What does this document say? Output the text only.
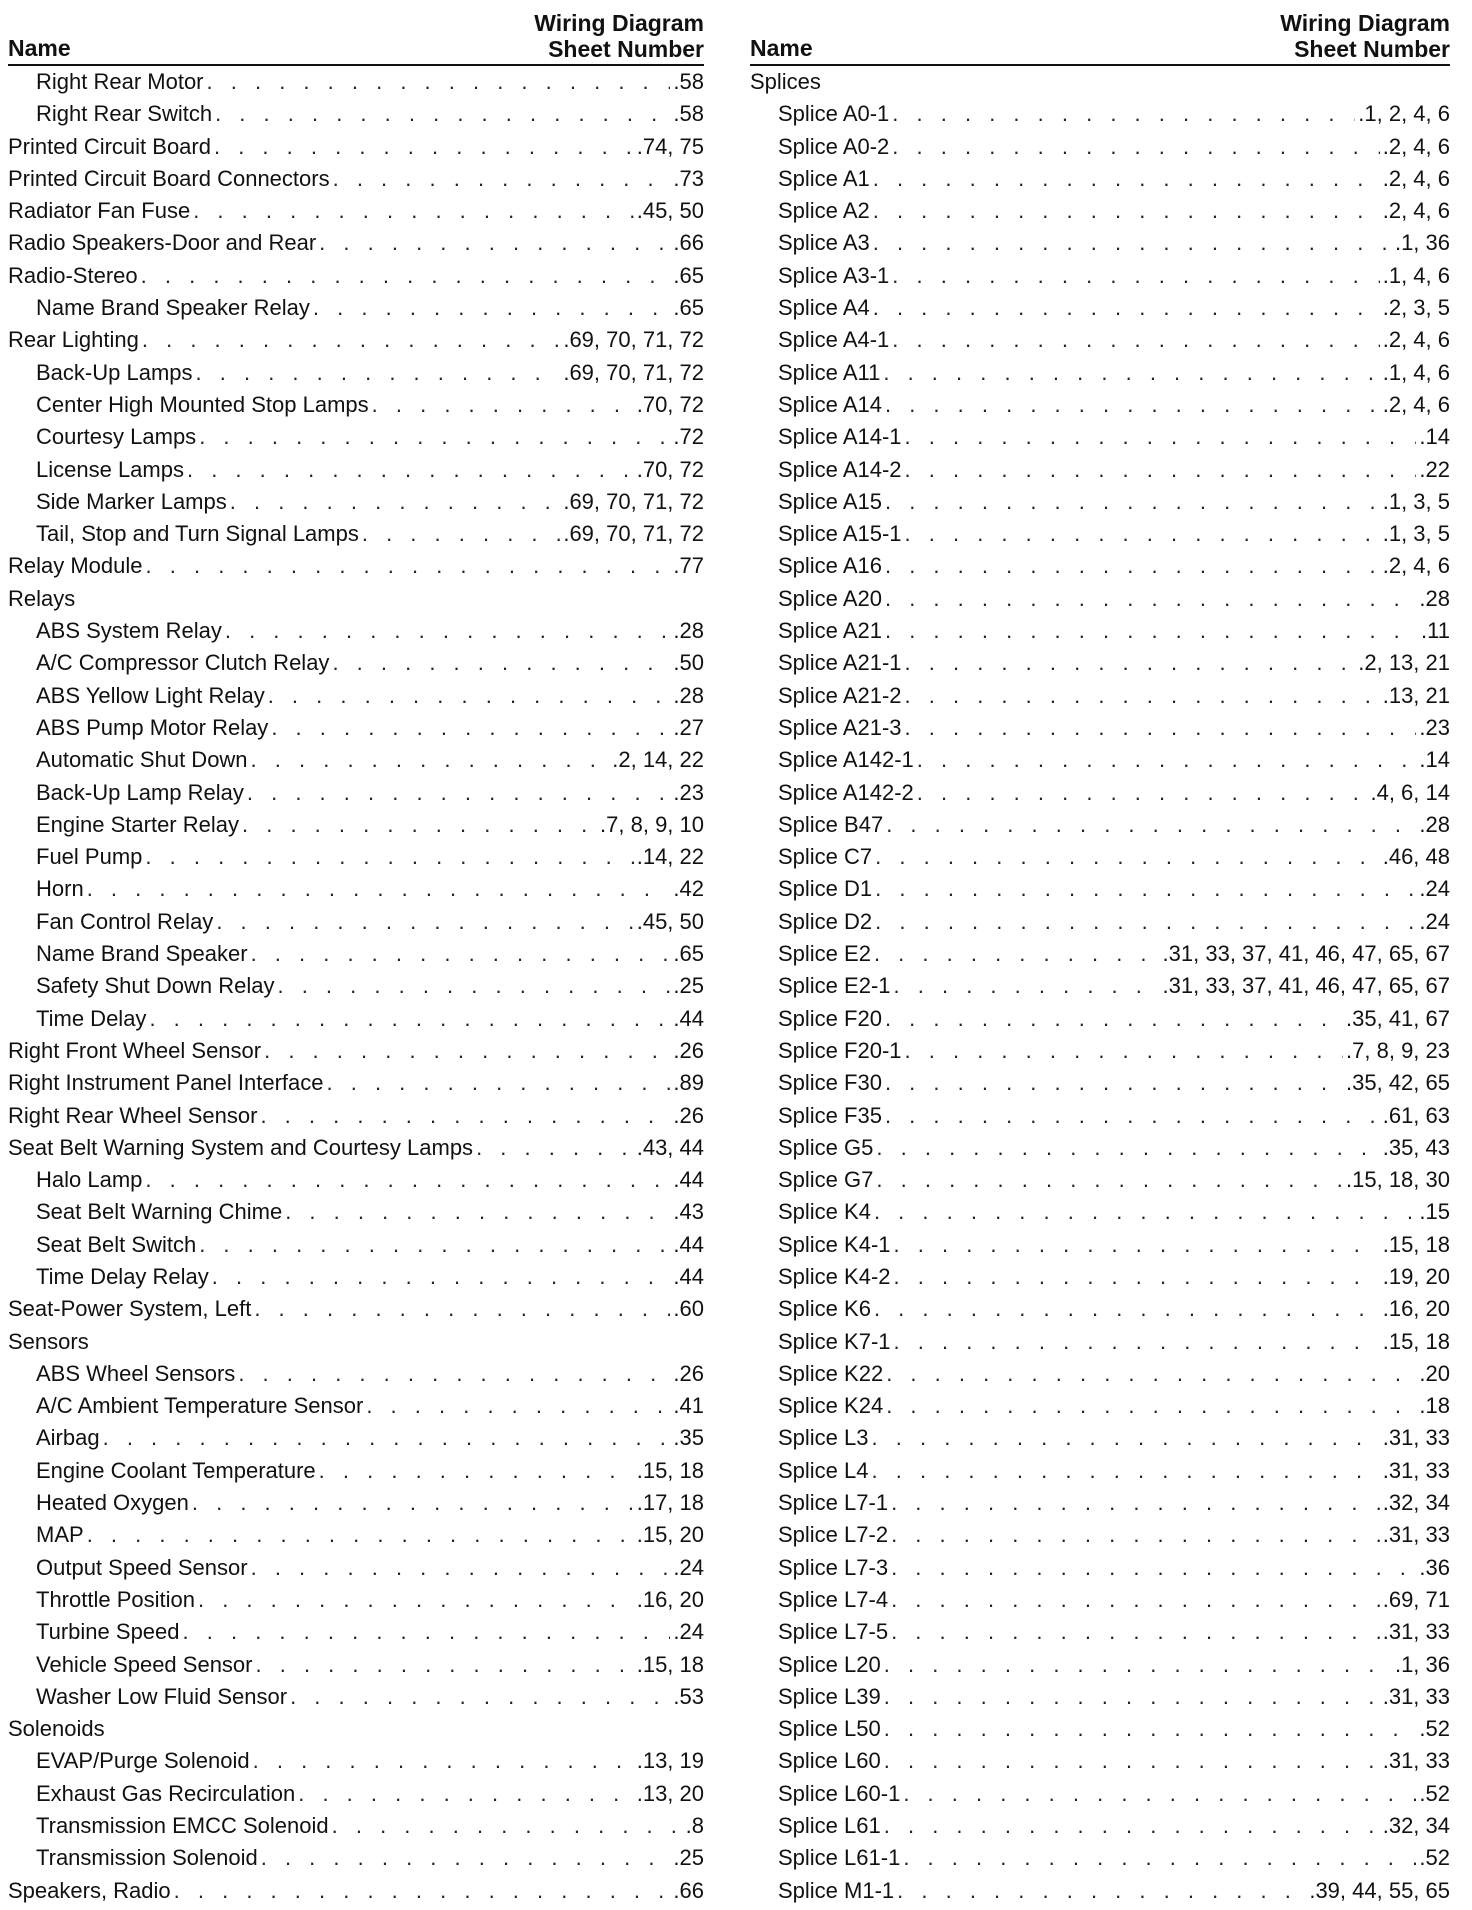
Name
Wiring Diagram
Sheet Number
Right Rear Motor . . .	.58
Right Rear Switch . . .	.58
Printed Circuit Board . . .	.74, 75
Printed Circuit Board Connectors . . .	.73
Radiator Fan Fuse . . .	.45, 50
Radio Speakers-Door and Rear . . .	.66
Radio-Stereo . . .	.65
Name Brand Speaker Relay . . .	.65
Rear Lighting . . .	.69, 70, 71, 72
Back-Up Lamps . . .	.69, 70, 71, 72
Center High Mounted Stop Lamps . . .	.70, 72
Courtesy Lamps . . .	.72
License Lamps . . .	.70, 72
Side Marker Lamps . . .	.69, 70, 71, 72
Tail, Stop and Turn Signal Lamps . . .	.69, 70, 71, 72
Relay Module . . .	.77
Relays
ABS System Relay . . .	.28
A/C Compressor Clutch Relay . . .	.50
ABS Yellow Light Relay . . .	.28
ABS Pump Motor Relay . . .	.27
Automatic Shut Down . . .	.2, 14, 22
Back-Up Lamp Relay . . .	.23
Engine Starter Relay . . .	.7, 8, 9, 10
Fuel Pump . . .	.14, 22
Horn . . .	.42
Fan Control Relay . . .	.45, 50
Name Brand Speaker . . .	.65
Safety Shut Down Relay . . .	.25
Time Delay . . .	.44
Right Front Wheel Sensor . . .	.26
Right Instrument Panel Interface . . .	.89
Right Rear Wheel Sensor . . .	.26
Seat Belt Warning System and Courtesy Lamps . . .	.43, 44
Halo Lamp . . .	.44
Seat Belt Warning Chime . . .	.43
Seat Belt Switch . . .	.44
Time Delay Relay . . .	.44
Seat-Power System, Left . . .	.60
Sensors
ABS Wheel Sensors . . .	.26
A/C Ambient Temperature Sensor . . .	.41
Airbag . . .	.35
Engine Coolant Temperature . . .	.15, 18
Heated Oxygen . . .	.17, 18
MAP . . .	.15, 20
Output Speed Sensor . . .	.24
Throttle Position . . .	.16, 20
Turbine Speed . . .	.24
Vehicle Speed Sensor . . .	.15, 18
Washer Low Fluid Sensor . . .	.53
Solenoids
EVAP/Purge Solenoid . . .	.13, 19
Exhaust Gas Recirculation . . .	.13, 20
Transmission EMCC Solenoid . . .	.8
Transmission Solenoid . . .	.25
Speakers, Radio . . .	.66
Name
Wiring Diagram
Sheet Number
Splices
Splice A0-1 . . .	.1, 2, 4, 6
Splice A0-2 . . .	.2, 4, 6
Splice A1 . . .	.2, 4, 6
Splice A2 . . .	.2, 4, 6
Splice A3 . . .	.1, 36
Splice A3-1 . . .	.1, 4, 6
Splice A4 . . .	.2, 3, 5
Splice A4-1 . . .	.2, 4, 6
Splice A11 . . .	.1, 4, 6
Splice A14 . . .	.2, 4, 6
Splice A14-1 . . .	.14
Splice A14-2 . . .	.22
Splice A15 . . .	.1, 3, 5
Splice A15-1 . . .	.1, 3, 5
Splice A16 . . .	.2, 4, 6
Splice A20 . . .	.28
Splice A21 . . .	.11
Splice A21-1 . . .	.2, 13, 21
Splice A21-2 . . .	.13, 21
Splice A21-3 . . .	.23
Splice A142-1 . . .	.14
Splice A142-2 . . .	.4, 6, 14
Splice B47 . . .	.28
Splice C7 . . .	.46, 48
Splice D1 . . .	.24
Splice D2 . . .	.24
Splice E2 . . .	.31, 33, 37, 41, 46, 47, 65, 67
Splice E2-1 . . .	.31, 33, 37, 41, 46, 47, 65, 67
Splice F20 . . .	.35, 41, 67
Splice F20-1 . . .	.7, 8, 9, 23
Splice F30 . . .	.35, 42, 65
Splice F35 . . .	.61, 63
Splice G5 . . .	.35, 43
Splice G7 . . .	.15, 18, 30
Splice K4 . . .	.15
Splice K4-1 . . .	.15, 18
Splice K4-2 . . .	.19, 20
Splice K6 . . .	.16, 20
Splice K7-1 . . .	.15, 18
Splice K22 . . .	.20
Splice K24 . . .	.18
Splice L3 . . .	.31, 33
Splice L4 . . .	.31, 33
Splice L7-1 . . .	.32, 34
Splice L7-2 . . .	.31, 33
Splice L7-3 . . .	.36
Splice L7-4 . . .	.69, 71
Splice L7-5 . . .	.31, 33
Splice L20 . . .	.1, 36
Splice L39 . . .	.31, 33
Splice L50 . . .	.52
Splice L60 . . .	.31, 33
Splice L60-1 . . .	.52
Splice L61 . . .	.32, 34
Splice L61-1 . . .	.52
Splice M1-1 . . .	.39, 44, 55, 65
